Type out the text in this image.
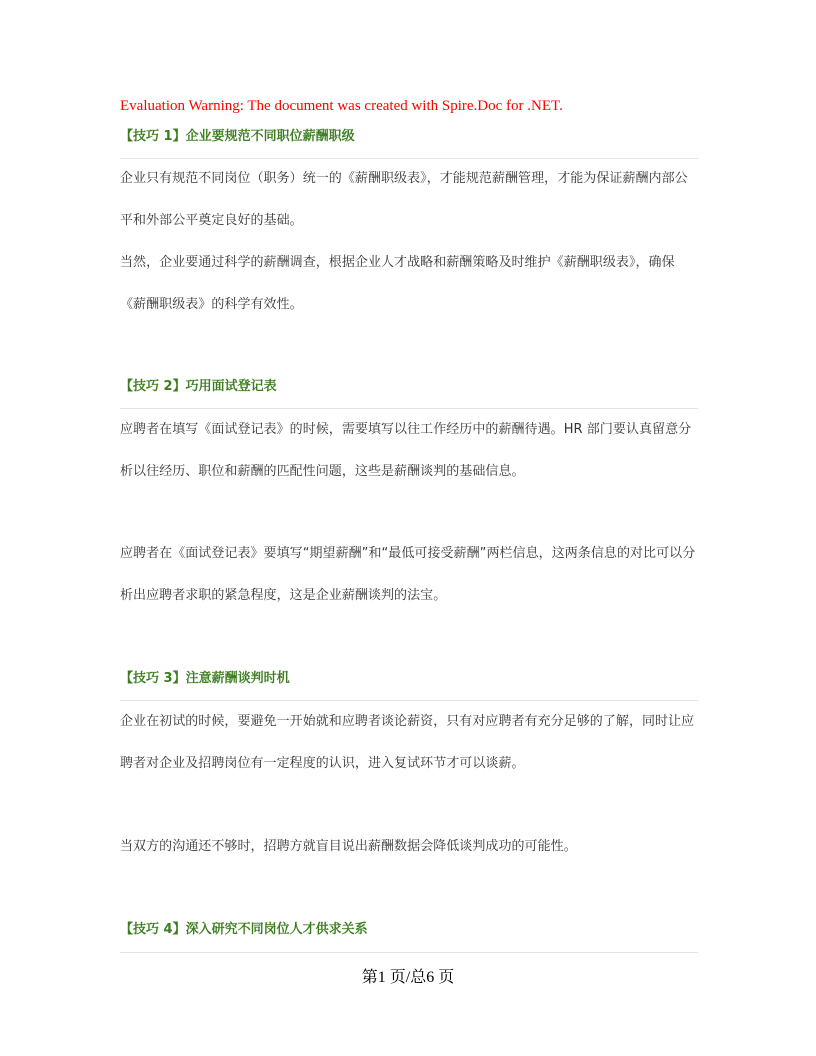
Evaluation Warning: The document was created with Spire.Doc for .NET.
【技巧 1】企业要规范不同职位薪酬职级

企业只有规范不同岗位（职务）统一的《薪酬职级表》，才能规范薪酬管理，才能为保证薪酬内部公平和外部公平奠定良好的基础。

当然，企业要通过科学的薪酬调查，根据企业人才战略和薪酬策略及时维护《薪酬职级表》，确保《薪酬职级表》的科学有效性。

【技巧 2】巧用面试登记表

应聘者在填写《面试登记表》的时候，需要填写以往工作经历中的薪酬待遇。HR 部门要认真留意分析以往经历、职位和薪酬的匹配性问题，这些是薪酬谈判的基础信息。

应聘者在《面试登记表》要填写“期望薪酬”和“最低可接受薪酬”两栏信息，这两条信息的对比可以分析出应聘者求职的紧急程度，这是企业薪酬谈判的法宝。

【技巧 3】注意薪酬谈判时机

企业在初试的时候，要避免一开始就和应聘者谈论薪资，只有对应聘者有充分足够的了解，同时让应聘者对企业及招聘岗位有一定程度的认识，进入复试环节才可以谈薪。

当双方的沟通还不够时，招聘方就盲目说出薪酬数据会降低谈判成功的可能性。

【技巧 4】深入研究不同岗位人才供求关系
第1 页/总6 页
